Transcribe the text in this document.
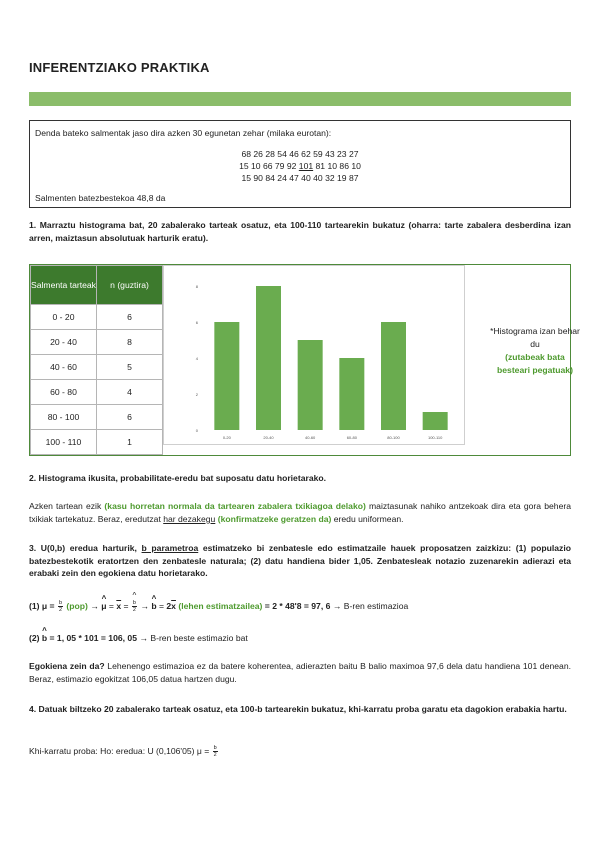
INFERENTZIAKO PRAKTIKA
Denda bateko salmentak jaso dira azken 30 egunetan zehar (milaka eurotan):
68 26 28 54 46 62 59 43 23 27
15 10 66 79 92 101 81 10 86 10
15 90 84 24 47 40 40 32 19 87
Salmenten batezbestekoa 48,8 da
1. Marraztu histograma bat, 20 zabalerako tarteak osatuz, eta 100-110 tartearekin bukatuz (oharra: tarte zabalera desberdina izan arren, maiztasun absolutuak harturik eratu).
Salmenta tarteak	n (guztira)
0 - 20	6
20 - 40	8
40 - 60	5
60 - 80	4
80 - 100	6
100 - 110	1
0
2
4
6
8
0-20	20-40	40-60	60-80	80-100	100-110
*Histograma izan behar du
(zutabeak bata besteari pegatuak)
2. Histograma ikusita, probabilitate-eredu bat suposatu datu horietarako.
Azken tartean ezik (kasu horretan normala da tartearen zabalera txikiagoa delako) maiztasunak nahiko antzekoak dira eta gora behera txikiak tartekatuz. Beraz, eredutzat har dezakegu (konfirmatzeke geratzen da) eredu uniformean.
3. U(0,b) eredua harturik, b parametroa estimatzeko bi zenbatesle edo estimatzaile hauek proposatzen zaizkizu: (1) populazio batezbestekotik eratortzen den zenbatesle naturala; (2) datu handiena bider 1,05. Zenbatesleak notazio zuzenarekin adierazi eta erabaki zein den egokiena datu horietarako.
(1) $\mu = \frac{b}{2} (pop)$ → ^ $\mu = \overline{x}$ = ^ $\frac{b}{2}$ → ^ $b = 2\overline{x}$ (lehen estimatzailea) = 2 * 48'8 = 97, 6 → B-ren estimazioa
(2) ^ b = 1, 05 * 101 = 106, 05 → B-ren beste estimazio bat
Egokiena zein da? Lehenengo estimazioa ez da batere koherentea, adierazten baitu B balio maximoa 97,6 dela datu handiena 101 denean. Beraz, estimazio egokitzat 106,05 datua hartzen dugu.
4. Datuak biltzeko 20 zabalerako tarteak osatuz, eta 100-b tartearekin bukatuz, khi-karratu proba garatu eta dagokion erabakia hartu.
Khi-karratu proba: Ho: eredua: U (0,106'05) $\mu = \frac{b}{2}$
